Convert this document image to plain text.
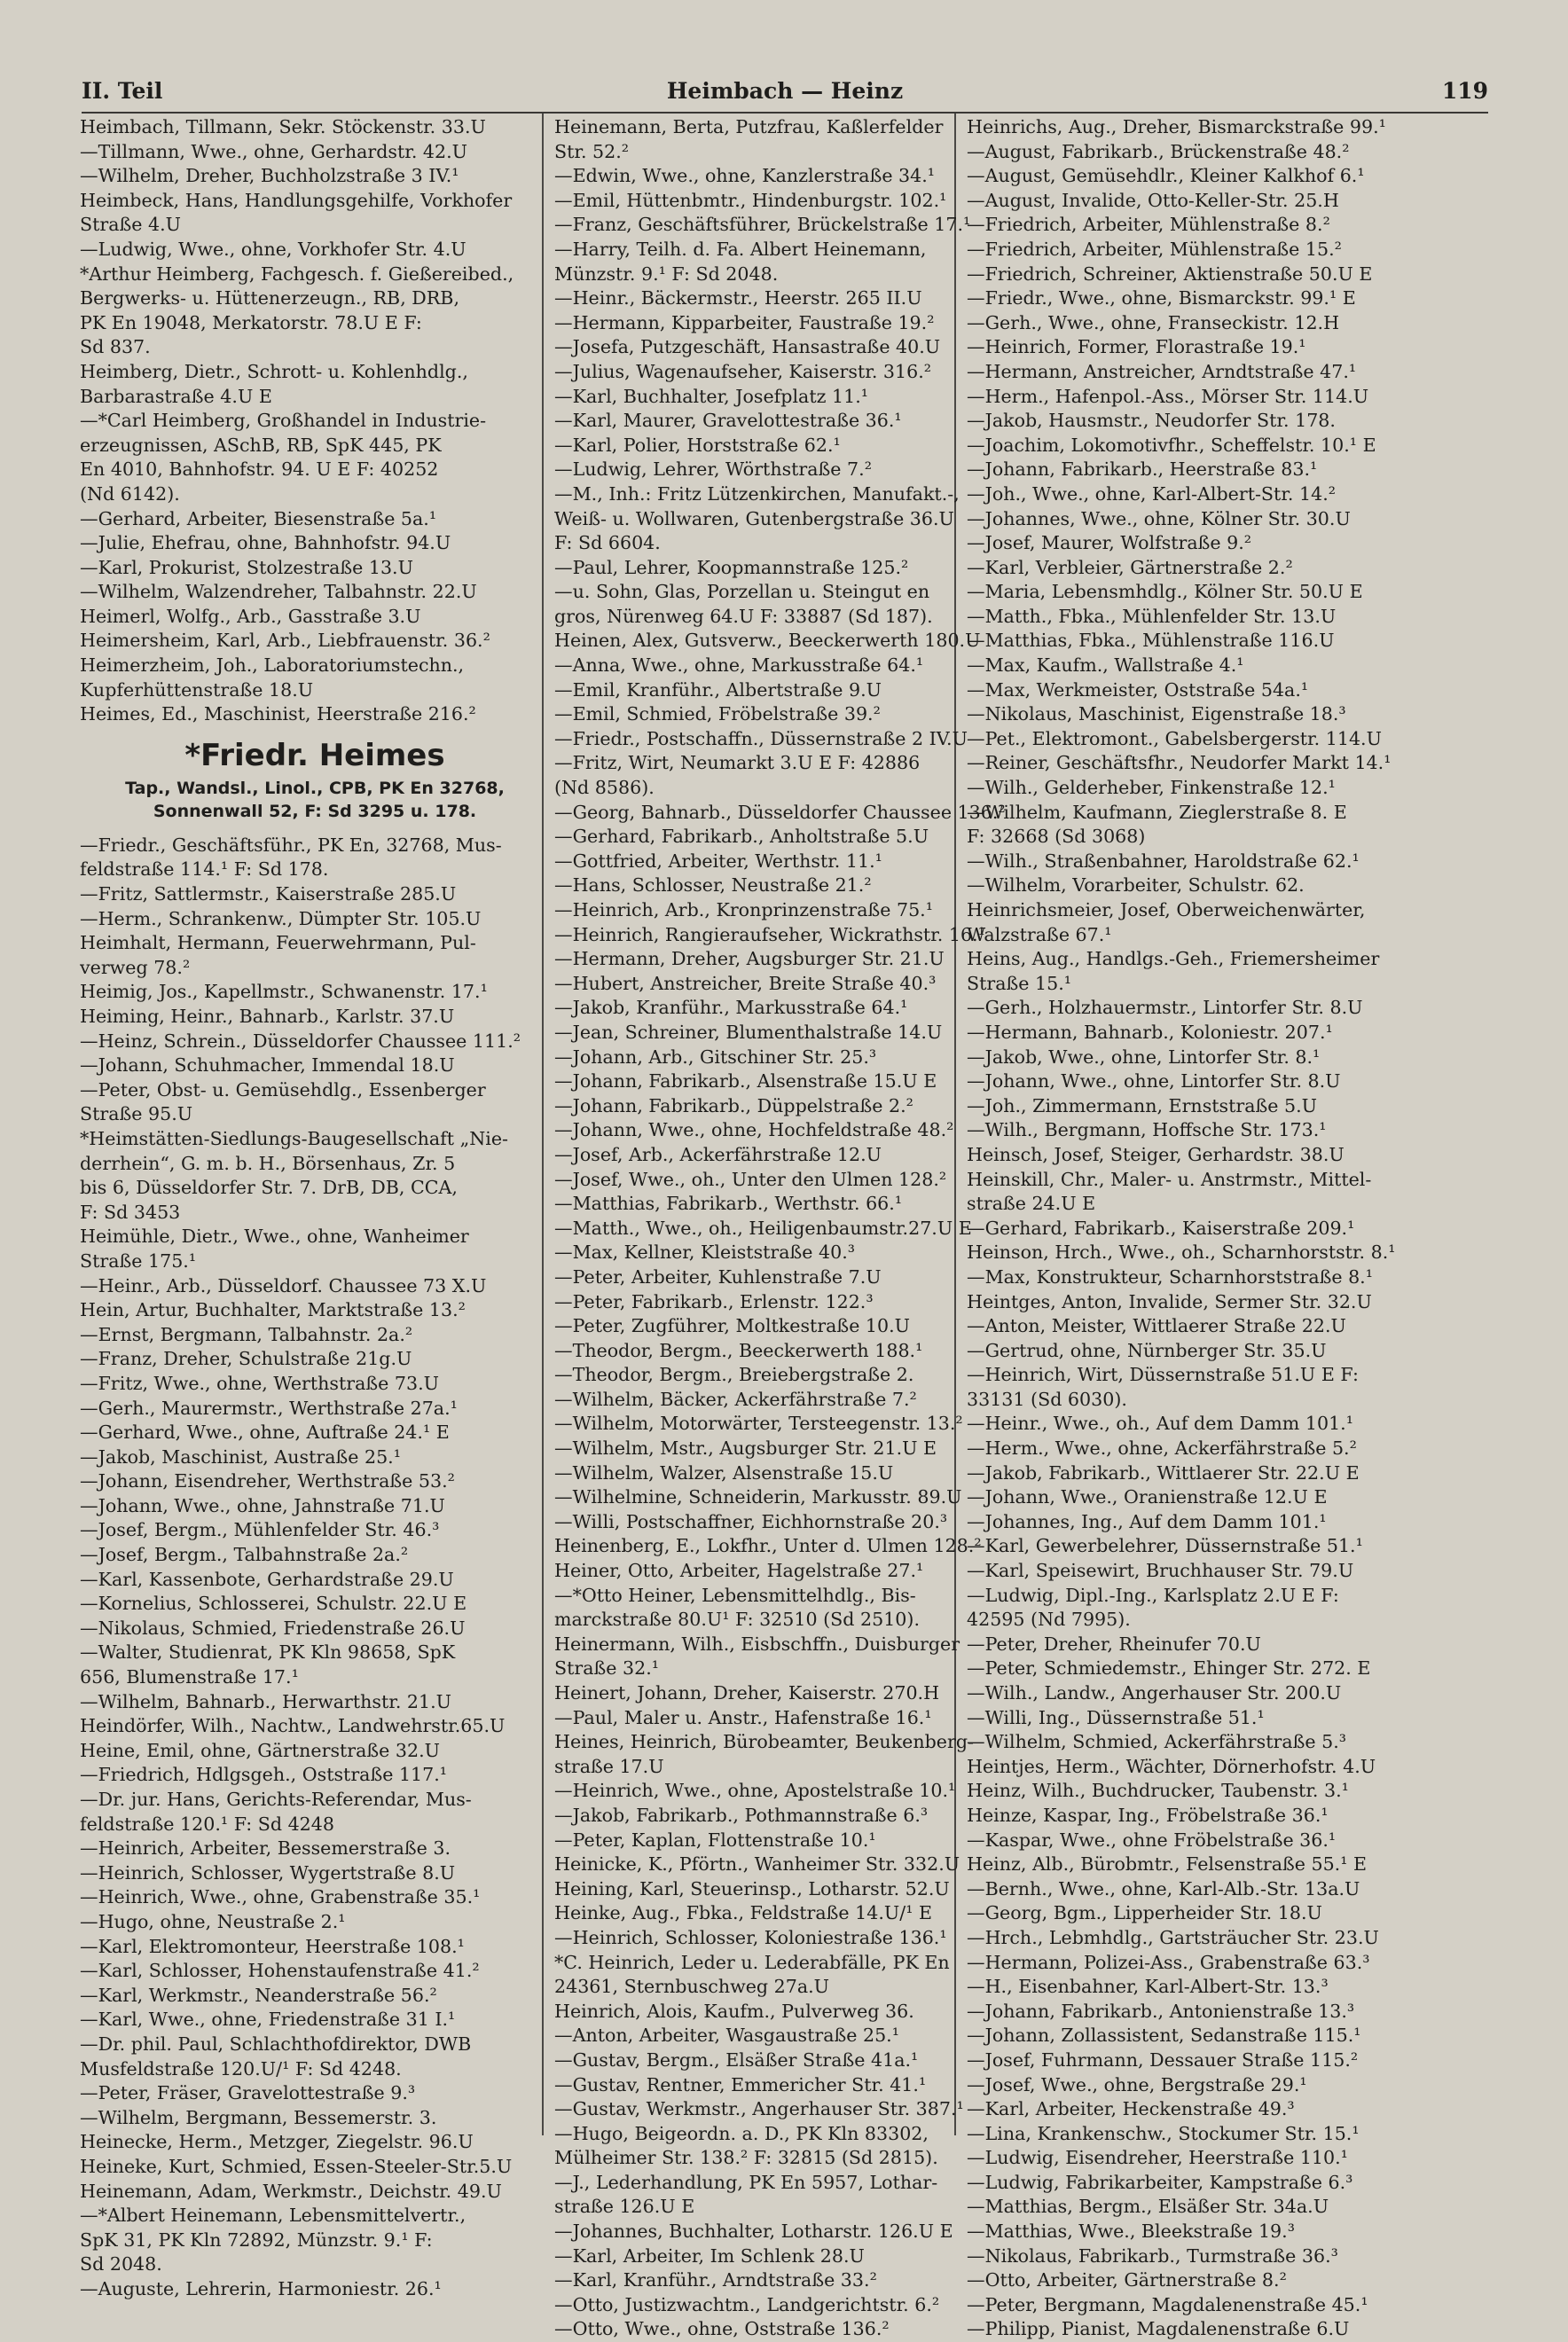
II. Teil	Heimbach — Heinz	119
Heimbach, Tillmann, Sekr. Stöckenstr. 33.U
—Tillmann, Wwe., ohne, Gerhardstr. 42.U
—Wilhelm, Dreher, Buchholzstraße 3 IV.¹
Heimbeck, Hans, Handlungsgehilfe, Vorkhofer
Straße 4.U
—Ludwig, Wwe., ohne, Vorkhofer Str. 4.U
*Arthur Heimberg, Fachgesch. f. Gießereibed.,
Bergwerks- u. Hüttenerzeugn., RB, DRB,
PK En 19048, Merkatorstr. 78.U E F:
Sd 837.
Heimberg, Dietr., Schrott- u. Kohlenhdlg.,
Barbarastraße 4.U E
—*Carl Heimberg, Großhandel in Industrie-
erzeugnissen, ASchB, RB, SpK 445, PK
En 4010, Bahnhofstr. 94. U E F: 40252
(Nd 6142).
—Gerhard, Arbeiter, Biesenstraße 5a.¹
—Julie, Ehefrau, ohne, Bahnhofstr. 94.U
—Karl, Prokurist, Stolzestraße 13.U
—Wilhelm, Walzendreher, Talbahnstr. 22.U
Heimerl, Wolfg., Arb., Gasstraße 3.U
Heimersheim, Karl, Arb., Liebfrauenstr. 36.²
Heimerzheim, Joh., Laboratoriumstechn.,
Kupferhüttenstraße 18.U
Heimes, Ed., Maschinist, Heerstraße 216.²
*Friedr. Heimes
Tap., Wandsl., Linol., CPB, PK En 32768,
Sonnenwall 52, F: Sd 3295 u. 178.
—Friedr., Geschäftsführ., PK En, 32768, Mus-
feldstraße 114.¹ F: Sd 178.
—Fritz, Sattlermstr., Kaiserstraße 285.U
—Herm., Schrankenw., Dümpter Str. 105.U
Heimhalt, Hermann, Feuerwehrmann, Pul-
verweg 78.²
Heimig, Jos., Kapellmstr., Schwanenstr. 17.¹
Heiming, Heinr., Bahnarb., Karlstr. 37.U
—Heinz, Schrein., Düsseldorfer Chaussee 111.²
—Johann, Schuhmacher, Immendal 18.U
—Peter, Obst- u. Gemüsehdlg., Essenberger
Straße 95.U
*Heimstätten-Siedlungs-Baugesellschaft „Nie-
derrhein“, G. m. b. H., Börsenhaus, Zr. 5
bis 6, Düsseldorfer Str. 7. DrB, DB, CCA,
F: Sd 3453
Heimühle, Dietr., Wwe., ohne, Wanheimer
Straße 175.¹
—Heinr., Arb., Düsseldorf. Chaussee 73 X.U
Hein, Artur, Buchhalter, Marktstraße 13.²
—Ernst, Bergmann, Talbahnstr. 2a.²
—Franz, Dreher, Schulstraße 21g.U
—Fritz, Wwe., ohne, Werthstraße 73.U
—Gerh., Maurermstr., Werthstraße 27a.¹
—Gerhard, Wwe., ohne, Auftraße 24.¹ E
—Jakob, Maschinist, Austraße 25.¹
—Johann, Eisendreher, Werthstraße 53.²
—Johann, Wwe., ohne, Jahnstraße 71.U
—Josef, Bergm., Mühlenfelder Str. 46.³
—Josef, Bergm., Talbahnstraße 2a.²
—Karl, Kassenbote, Gerhardstraße 29.U
—Kornelius, Schlosserei, Schulstr. 22.U E
—Nikolaus, Schmied, Friedenstraße 26.U
—Walter, Studienrat, PK Kln 98658, SpK
656, Blumenstraße 17.¹
—Wilhelm, Bahnarb., Herwarthstr. 21.U
Heindörfer, Wilh., Nachtw., Landwehrstr.65.U
Heine, Emil, ohne, Gärtnerstraße 32.U
—Friedrich, Hdlgsgeh., Oststraße 117.¹
—Dr. jur. Hans, Gerichts-Referendar, Mus-
feldstraße 120.¹ F: Sd 4248
—Heinrich, Arbeiter, Bessemerstraße 3.
—Heinrich, Schlosser, Wygertstraße 8.U
—Heinrich, Wwe., ohne, Grabenstraße 35.¹
—Hugo, ohne, Neustraße 2.¹
—Karl, Elektromonteur, Heerstraße 108.¹
—Karl, Schlosser, Hohenstaufenstraße 41.²
—Karl, Werkmstr., Neanderstraße 56.²
—Karl, Wwe., ohne, Friedenstraße 31 I.¹
—Dr. phil. Paul, Schlachthofdirektor, DWB
Musfeldstraße 120.U/¹ F: Sd 4248.
—Peter, Fräser, Gravelottestraße 9.³
—Wilhelm, Bergmann, Bessemerstr. 3.
Heinecke, Herm., Metzger, Ziegelstr. 96.U
Heineke, Kurt, Schmied, Essen-Steeler-Str.5.U
Heinemann, Adam, Werkmstr., Deichstr. 49.U
—*Albert Heinemann, Lebensmittelvertr.,
SpK 31, PK Kln 72892, Münzstr. 9.¹ F:
Sd 2048.
—Auguste, Lehrerin, Harmoniestr. 26.¹
Heinemann, Berta, Putzfrau, Kaßlerfelder
Str. 52.²
—Edwin, Wwe., ohne, Kanzlerstraße 34.¹
—Emil, Hüttenbmtr., Hindenburgstr. 102.¹
—Franz, Geschäftsführer, Brückelstraße 17.¹
—Harry, Teilh. d. Fa. Albert Heinemann,
Münzstr. 9.¹ F: Sd 2048.
—Heinr., Bäckermstr., Heerstr. 265 II.U
—Hermann, Kipparbeiter, Faustraße 19.²
—Josefa, Putzgeschäft, Hansastraße 40.U
—Julius, Wagenaufseher, Kaiserstr. 316.²
—Karl, Buchhalter, Josefplatz 11.¹
—Karl, Maurer, Gravelottestraße 36.¹
—Karl, Polier, Horststraße 62.¹
—Ludwig, Lehrer, Wörthstraße 7.²
—M., Inh.: Fritz Lützenkirchen, Manufakt.-,
Weiß- u. Wollwaren, Gutenbergstraße 36.U
F: Sd 6604.
—Paul, Lehrer, Koopmannstraße 125.²
—u. Sohn, Glas, Porzellan u. Steingut en
gros, Nürenweg 64.U F: 33887 (Sd 187).
Heinen, Alex, Gutsverw., Beeckerwerth 180.U
—Anna, Wwe., ohne, Markusstraße 64.¹
—Emil, Kranführ., Albertstraße 9.U
—Emil, Schmied, Fröbelstraße 39.²
—Friedr., Postschaffn., Düssernstraße 2 IV.U
—Fritz, Wirt, Neumarkt 3.U E F: 42886
(Nd 8586).
—Georg, Bahnarb., Düsseldorfer Chaussee 136.²
—Gerhard, Fabrikarb., Anholtstraße 5.U
—Gottfried, Arbeiter, Werthstr. 11.¹
—Hans, Schlosser, Neustraße 21.²
—Heinrich, Arb., Kronprinzenstraße 75.¹
—Heinrich, Rangieraufseher, Wickrathstr. 16.¹
—Hermann, Dreher, Augsburger Str. 21.U
—Hubert, Anstreicher, Breite Straße 40.³
—Jakob, Kranführ., Markusstraße 64.¹
—Jean, Schreiner, Blumenthalstraße 14.U
—Johann, Arb., Gitschiner Str. 25.³
—Johann, Fabrikarb., Alsenstraße 15.U E
—Johann, Fabrikarb., Düppelstraße 2.²
—Johann, Wwe., ohne, Hochfeldstraße 48.²
—Josef, Arb., Ackerfährstraße 12.U
—Josef, Wwe., oh., Unter den Ulmen 128.²
—Matthias, Fabrikarb., Werthstr. 66.¹
—Matth., Wwe., oh., Heiligenbaumstr.27.U E
—Max, Kellner, Kleiststraße 40.³
—Peter, Arbeiter, Kuhlenstraße 7.U
—Peter, Fabrikarb., Erlenstr. 122.³
—Peter, Zugführer, Moltkestraße 10.U
—Theodor, Bergm., Beeckerwerth 188.¹
—Theodor, Bergm., Breiebergstraße 2.
—Wilhelm, Bäcker, Ackerfährstraße 7.²
—Wilhelm, Motorwärter, Tersteegenstr. 13.²
—Wilhelm, Mstr., Augsburger Str. 21.U E
—Wilhelm, Walzer, Alsenstraße 15.U
—Wilhelmine, Schneiderin, Markusstr. 89.U
—Willi, Postschaffner, Eichhornstraße 20.³
Heinenberg, E., Lokfhr., Unter d. Ulmen 128.²
Heiner, Otto, Arbeiter, Hagelstraße 27.¹
—*Otto Heiner, Lebensmittelhdlg., Bis-
marckstraße 80.U¹ F: 32510 (Sd 2510).
Heinermann, Wilh., Eisbschffn., Duisburger
Straße 32.¹
Heinert, Johann, Dreher, Kaiserstr. 270.H
—Paul, Maler u. Anstr., Hafenstraße 16.¹
Heines, Heinrich, Bürobeamter, Beukenberg-
straße 17.U
—Heinrich, Wwe., ohne, Apostelstraße 10.¹
—Jakob, Fabrikarb., Pothmannstraße 6.³
—Peter, Kaplan, Flottenstraße 10.¹
Heinicke, K., Pförtn., Wanheimer Str. 332.U
Heining, Karl, Steuerinsp., Lotharstr. 52.U
Heinke, Aug., Fbka., Feldstraße 14.U/¹ E
—Heinrich, Schlosser, Koloniestraße 136.¹
*C. Heinrich, Leder u. Lederabfälle, PK En
24361, Sternbuschweg 27a.U
Heinrich, Alois, Kaufm., Pulverweg 36.
—Anton, Arbeiter, Wasgaustraße 25.¹
—Gustav, Bergm., Elsäßer Straße 41a.¹
—Gustav, Rentner, Emmericher Str. 41.¹
—Gustav, Werkmstr., Angerhauser Str. 387.¹
—Hugo, Beigeordn. a. D., PK Kln 83302,
Mülheimer Str. 138.² F: 32815 (Sd 2815).
—J., Lederhandlung, PK En 5957, Lothar-
straße 126.U E
—Johannes, Buchhalter, Lotharstr. 126.U E
—Karl, Arbeiter, Im Schlenk 28.U
—Karl, Kranführ., Arndtstraße 33.²
—Otto, Justizwachtm., Landgerichtstr. 6.²
—Otto, Wwe., ohne, Oststraße 136.²
Heinrichs, Aug., Dreher, Bismarckstraße 99.¹
—August, Fabrikarb., Brückenstraße 48.²
—August, Gemüsehdlr., Kleiner Kalkhof 6.¹
—August, Invalide, Otto-Keller-Str. 25.H
—Friedrich, Arbeiter, Mühlenstraße 8.²
—Friedrich, Arbeiter, Mühlenstraße 15.²
—Friedrich, Schreiner, Aktienstraße 50.U E
—Friedr., Wwe., ohne, Bismarckstr. 99.¹ E
—Gerh., Wwe., ohne, Franseckistr. 12.H
—Heinrich, Former, Florastraße 19.¹
—Hermann, Anstreicher, Arndtstraße 47.¹
—Herm., Hafenpol.-Ass., Mörser Str. 114.U
—Jakob, Hausmstr., Neudorfer Str. 178.
—Joachim, Lokomotivfhr., Scheffelstr. 10.¹ E
—Johann, Fabrikarb., Heerstraße 83.¹
—Joh., Wwe., ohne, Karl-Albert-Str. 14.²
—Johannes, Wwe., ohne, Kölner Str. 30.U
—Josef, Maurer, Wolfstraße 9.²
—Karl, Verbleier, Gärtnerstraße 2.²
—Maria, Lebensmhdlg., Kölner Str. 50.U E
—Matth., Fbka., Mühlenfelder Str. 13.U
—Matthias, Fbka., Mühlenstraße 116.U
—Max, Kaufm., Wallstraße 4.¹
—Max, Werkmeister, Oststraße 54a.¹
—Nikolaus, Maschinist, Eigenstraße 18.³
—Pet., Elektromont., Gabelsbergerstr. 114.U
—Reiner, Geschäftsfhr., Neudorfer Markt 14.¹
—Wilh., Gelderheber, Finkenstraße 12.¹
—Wilhelm, Kaufmann, Zieglerstraße 8. E
F: 32668 (Sd 3068)
—Wilh., Straßenbahner, Haroldstraße 62.¹
—Wilhelm, Vorarbeiter, Schulstr. 62.
Heinrichsmeier, Josef, Oberweichenwärter,
Walzstraße 67.¹
Heins, Aug., Handlgs.-Geh., Friemersheimer
Straße 15.¹
—Gerh., Holzhauermstr., Lintorfer Str. 8.U
—Hermann, Bahnarb., Koloniestr. 207.¹
—Jakob, Wwe., ohne, Lintorfer Str. 8.¹
—Johann, Wwe., ohne, Lintorfer Str. 8.U
—Joh., Zimmermann, Ernststraße 5.U
—Wilh., Bergmann, Hoffsche Str. 173.¹
Heinsch, Josef, Steiger, Gerhardstr. 38.U
Heinskill, Chr., Maler- u. Anstrmstr., Mittel-
straße 24.U E
—Gerhard, Fabrikarb., Kaiserstraße 209.¹
Heinson, Hrch., Wwe., oh., Scharnhorststr. 8.¹
—Max, Konstrukteur, Scharnhorststraße 8.¹
Heintges, Anton, Invalide, Sermer Str. 32.U
—Anton, Meister, Wittlaerer Straße 22.U
—Gertrud, ohne, Nürnberger Str. 35.U
—Heinrich, Wirt, Düssernstraße 51.U E F:
33131 (Sd 6030).
—Heinr., Wwe., oh., Auf dem Damm 101.¹
—Herm., Wwe., ohne, Ackerfährstraße 5.²
—Jakob, Fabrikarb., Wittlaerer Str. 22.U E
—Johann, Wwe., Oranienstraße 12.U E
—Johannes, Ing., Auf dem Damm 101.¹
—Karl, Gewerbelehrer, Düssernstraße 51.¹
—Karl, Speisewirt, Bruchhauser Str. 79.U
—Ludwig, Dipl.-Ing., Karlsplatz 2.U E F:
42595 (Nd 7995).
—Peter, Dreher, Rheinufer 70.U
—Peter, Schmiedemstr., Ehinger Str. 272. E
—Wilh., Landw., Angerhauser Str. 200.U
—Willi, Ing., Düssernstraße 51.¹
—Wilhelm, Schmied, Ackerfährstraße 5.³
Heintjes, Herm., Wächter, Dörnerhofstr. 4.U
Heinz, Wilh., Buchdrucker, Taubenstr. 3.¹
Heinze, Kaspar, Ing., Fröbelstraße 36.¹
—Kaspar, Wwe., ohne Fröbelstraße 36.¹
Heinz, Alb., Bürobmtr., Felsenstraße 55.¹ E
—Bernh., Wwe., ohne, Karl-Alb.-Str. 13a.U
—Georg, Bgm., Lipperheider Str. 18.U
—Hrch., Lebmhdlg., Gartsträucher Str. 23.U
—Hermann, Polizei-Ass., Grabenstraße 63.³
—H., Eisenbahner, Karl-Albert-Str. 13.³
—Johann, Fabrikarb., Antonienstraße 13.³
—Johann, Zollassistent, Sedanstraße 115.¹
—Josef, Fuhrmann, Dessauer Straße 115.²
—Josef, Wwe., ohne, Bergstraße 29.¹
—Karl, Arbeiter, Heckenstraße 49.³
—Lina, Krankenschw., Stockumer Str. 15.¹
—Ludwig, Eisendreher, Heerstraße 110.¹
—Ludwig, Fabrikarbeiter, Kampstraße 6.³
—Matthias, Bergm., Elsäßer Str. 34a.U
—Matthias, Wwe., Bleekstraße 19.³
—Nikolaus, Fabrikarb., Turmstraße 36.³
—Otto, Arbeiter, Gärtnerstraße 8.²
—Peter, Bergmann, Magdalenenstraße 45.¹
—Philipp, Pianist, Magdalenenstraße 6.U
